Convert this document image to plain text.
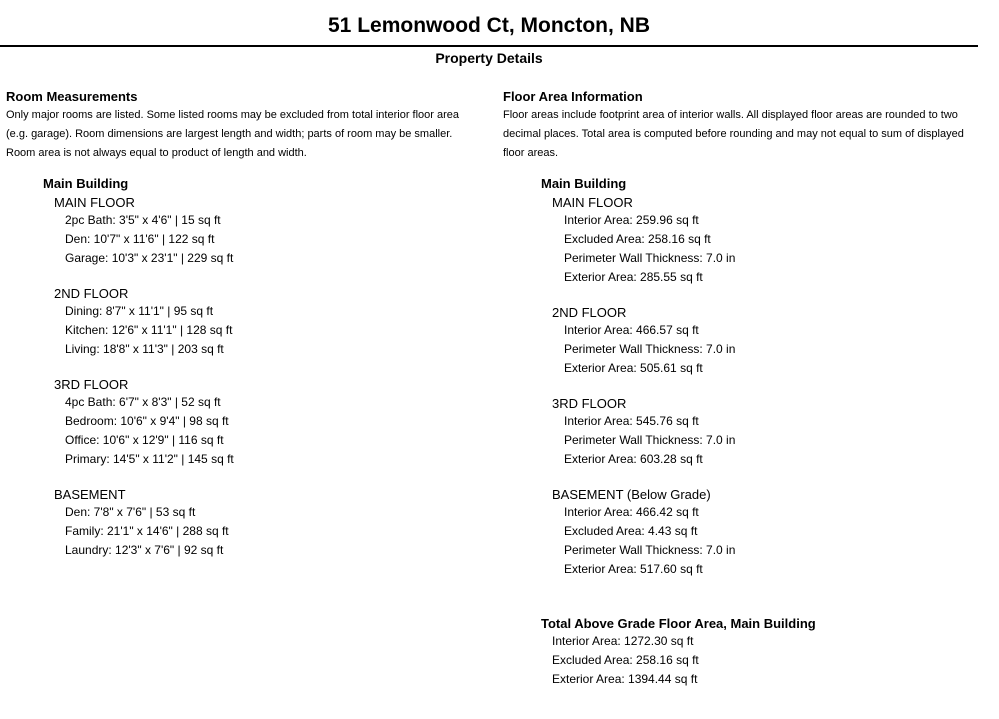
51 Lemonwood Ct, Moncton, NB
Property Details
Room Measurements
Only major rooms are listed. Some listed rooms may be excluded from total interior floor area
(e.g. garage). Room dimensions are largest length and width; parts of room may be smaller.
Room area is not always equal to product of length and width.
Main Building
MAIN FLOOR
2pc Bath: 3'5" x 4'6" | 15 sq ft
Den: 10'7" x 11'6" | 122 sq ft
Garage: 10'3" x 23'1" | 229 sq ft
2ND FLOOR
Dining: 8'7" x 11'1" | 95 sq ft
Kitchen: 12'6" x 11'1" | 128 sq ft
Living: 18'8" x 11'3" | 203 sq ft
3RD FLOOR
4pc Bath: 6'7" x 8'3" | 52 sq ft
Bedroom: 10'6" x 9'4" | 98 sq ft
Office: 10'6" x 12'9" | 116 sq ft
Primary: 14'5" x 11'2" | 145 sq ft
BASEMENT
Den: 7'8" x 7'6" | 53 sq ft
Family: 21'1" x 14'6" | 288 sq ft
Laundry: 12'3" x 7'6" | 92 sq ft
Floor Area Information
Floor areas include footprint area of interior walls. All displayed floor areas are rounded to two
decimal places. Total area is computed before rounding and may not equal to sum of displayed
floor areas.
Main Building
MAIN FLOOR
Interior Area: 259.96 sq ft
Excluded Area: 258.16 sq ft
Perimeter Wall Thickness: 7.0 in
Exterior Area: 285.55 sq ft
2ND FLOOR
Interior Area: 466.57 sq ft
Perimeter Wall Thickness: 7.0 in
Exterior Area: 505.61 sq ft
3RD FLOOR
Interior Area: 545.76 sq ft
Perimeter Wall Thickness: 7.0 in
Exterior Area: 603.28 sq ft
BASEMENT (Below Grade)
Interior Area: 466.42 sq ft
Excluded Area: 4.43 sq ft
Perimeter Wall Thickness: 7.0 in
Exterior Area: 517.60 sq ft
Total Above Grade Floor Area, Main Building
Interior Area: 1272.30 sq ft
Excluded Area: 258.16 sq ft
Exterior Area: 1394.44 sq ft
